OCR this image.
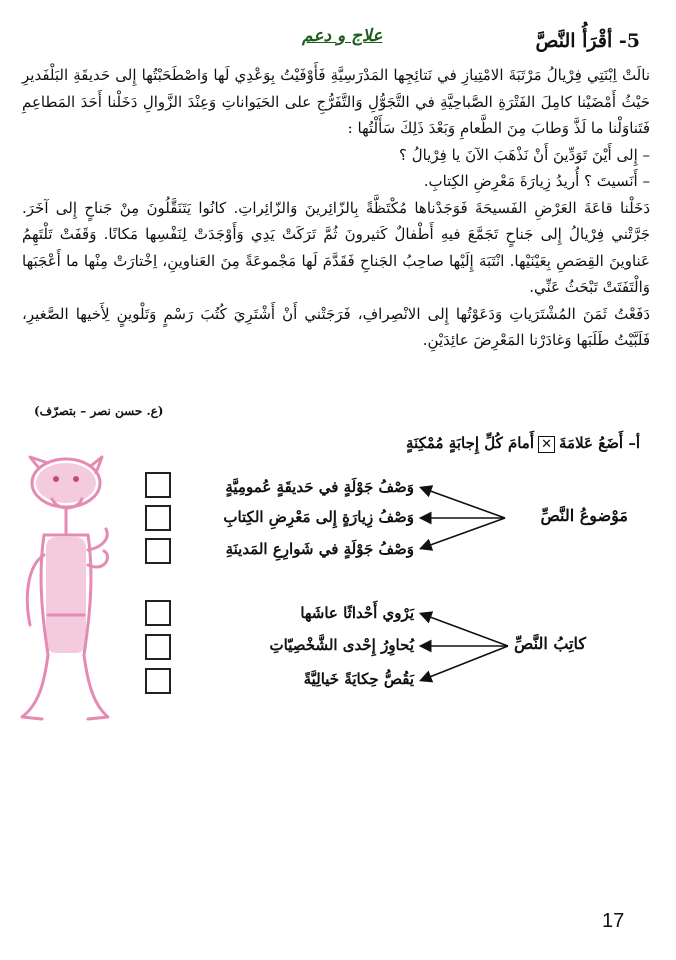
5- أقْرَأُ النَّصَّ
علاج و دعم

نالَتْ اِبْنَتِي فِرْيالُ مَرْتَبَةَ الامْتِيازِ في نَتائِجِها المَدْرَسِيَّةِ فَأَوْفَيْتُ بِوَعْدِي لَها وَاصْطَحَبْتُها إِلى حَديقَةِ البَلْفَديرِ حَيْثُ أَمْضَيْنا كامِلَ الفَتْرَةِ الصَّباحِيَّةِ في التَّجَوُّلِ وَالتَّفَرُّجِ على الحَيَواناتِ وَعِنْدَ الزَّوالِ دَخَلْنا أَحَدَ المَطاعِمِ فَتَناوَلْنا ما لَذَّ وَطابَ مِنَ الطَّعامِ وَبَعْدَ ذَلِكَ سَأَلْتُها :

– إِلى أَيْنَ تَوَدِّينَ أَنْ نَذْهَبَ الآنَ يا فِرْيالُ ؟

– أَنَسيتَ ؟ أُريدُ زِيارَةَ مَعْرِضِ الكِتابِ.

دَخَلْنا قاعَةَ العَرْضِ الفَسيحَةَ فَوَجَدْناها مُكْتَظَّةً بِالزّائِرينَ وَالزّائِراتِ. كانُوا يَتَنَقَّلُونَ مِنْ جَناحٍ إِلى آخَرَ. جَرَّتْني فِرْيالُ إِلى جَناحٍ تَجَمَّعَ فيهِ أَطْفالٌ كَثيرونَ ثُمَّ تَرَكَتْ يَدِي وَأَوْجَدَتْ لِنَفْسِها مَكانًا. وَقَفَتْ تَلْتَهِمُ عَناوينَ القِصَصِ بِعَيْنَيْها. انْتَبَهَ إِلَيْها صاحِبُ الجَناحِ فَقَدَّمَ لَها مَجْموعَةً مِنَ العَناوينِ، اِخْتارَتْ مِنْها ما أَعْجَبَها وَالْتَفَتَتْ تَبْحَثُ عَنِّي.

دَفَعْتُ ثَمَنَ المُشْتَرَياتِ وَدَعَوْتُها إِلى الانْصِرافِ، فَرَجَتْني أَنْ أَشْتَرِيَ كُتُبَ رَسْمٍ وَتَلْوينٍ لِأَخيها الصَّغيرِ، فَلَبَّيْتُ طَلَبَها وَغادَرْنا المَعْرِضَ عائِدَيْنِ.

(ع. حسن نصر – بتصرّف)
أ– أَضَعُ عَلامَةَ✕أَمامَ كُلِّ إِجابَةٍ مُمْكِنَةٍ
مَوْضوعُ النَّصِّ
وَصْفُ جَوْلَةٍ في حَديقَةٍ عُمومِيَّةٍ
وَصْفُ زِيارَةٍ إِلى مَعْرِضِ الكِتابِ
وَصْفُ جَوْلَةٍ في شَوارِعِ المَدينَةِ
كاتِبُ النَّصِّ
يَرْوي أَحْداثًا عاشَها
يُحاوِرُ إِحْدى الشَّخْصِيّاتِ
يَقُصُّ حِكايَةً خَيالِيَّةً
17
